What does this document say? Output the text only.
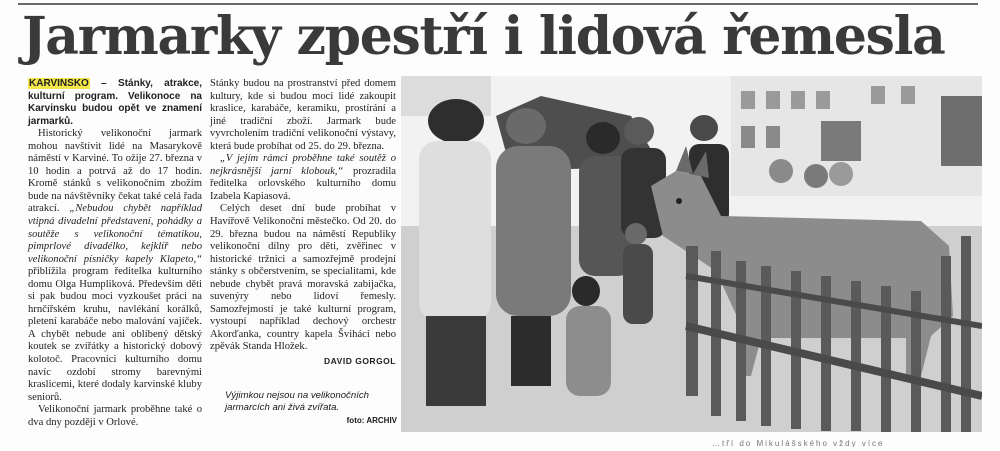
Jarmarky zpestří i lidová řemesla

KARVINSKO – Stánky, atrakce, kulturní program. Velikonoce na Karvinsku budou opět ve znamení jarmarků.

Historický velikonoční jarmark mohou navštívit lidé na Masarykově náměstí v Karviné. To ožije 27. března v 10 hodin a potrvá až do 17 hodin. Kromě stánků s velikonočním zbožím bude na návštěvníky čekat také celá řada atrakcí. „Nebudou chybět například vtipná divadelní představení, pohádky a soutěže s velikonoční tématikou, pimprlové divadélko, kejklíř nebo velikonoční písničky kapely Klapeto,“ přiblížila program ředitelka kulturního domu Olga Humpliková. Především děti si pak budou moci vyzkoušet práci na hrnčířském kruhu, navlékání korálků, pletení karabáče nebo malování vajíček. A chybět nebude ani oblíbený dětský koutek se zvířátky a historický dobový kolotoč. Pracovníci kulturního domu navíc ozdobí stromy barevnými kraslicemi, které dodaly karvinské kluby seniorů.

Velikonoční jarmark proběhne také o dva dny později v Orlové.

Stánky budou na prostranství před domem kultury, kde si budou moci lidé zakoupit kraslice, karabáče, keramiku, prostírání a jiné tradiční zboží. Jarmark bude vyvrcholením tradiční velikonoční výstavy, která bude probíhat od 25. do 29. března.

„V jejím rámci proběhne také soutěž o nejkrásnější jarní klobouk,“ prozradila ředitelka orlovského kulturního domu Izabela Kapiasová.

Celých deset dní bude probíhat v Havířově Velikonoční městečko. Od 20. do 29. března budou na náměstí Republiky velikonoční dílny pro děti, zvěřinec v historické tržnici a samozřejmě prodejní stánky s občerstvením, se specialitami, kde nebude chybět pravá moravská zabijačka, suvenýry nebo lidoví řemesly. Samozřejmostí je také kulturní program, vystoupí například dechový orchestr Akorďanka, country kapela Šviháci nebo zpěvák Standa Hložek.

DAVID GORGOL
Výjimkou nejsou na velikonočních jarmarcích ani živá zvířata.
foto: ARCHIV
…tří do Mikulášského vždy více
